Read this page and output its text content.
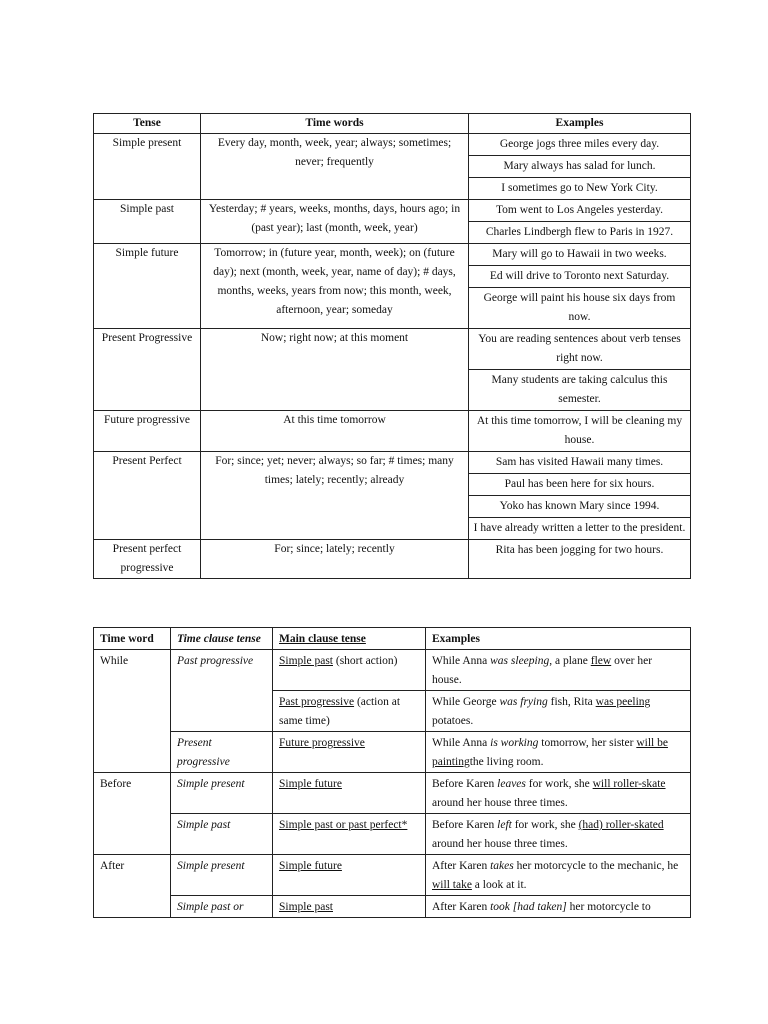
Tense	Time words	Examples
Simple present	Every day, month, week, year; always; sometimes; never; frequently	George jogs three miles every day.
		Mary always has salad for lunch.
		I sometimes go to New York City.
Simple past	Yesterday; # years, weeks, months, days, hours ago; in (past year); last (month, week, year)	Tom went to Los Angeles yesterday.
		Charles Lindbergh flew to Paris in 1927.
Simple future	Tomorrow; in (future year, month, week); on (future day); next (month, week, year, name of day); # days, months, weeks, years from now; this month, week, afternoon, year; someday	Mary will go to Hawaii in two weeks.
		Ed will drive to Toronto next Saturday.
		George will paint his house six days from now.
Present Progressive	Now; right now; at this moment	You are reading sentences about verb tenses right now.
		Many students are taking calculus this semester.
Future progressive	At this time tomorrow	At this time tomorrow, I will be cleaning my house.
Present Perfect	For; since; yet; never; always; so far; # times; many times; lately; recently; already	Sam has visited Hawaii many times.
		Paul has been here for six hours.
		Yoko has known Mary since 1994.
		I have already written a letter to the president.
Present perfect progressive	For; since; lately; recently	Rita has been jogging for two hours.
Time word	Time clause tense	Main clause tense	Examples
While	Past progressive	Simple past (short action)	While Anna was sleeping, a plane flew over her house.
		Past progressive (action at same time)	While George was frying fish, Rita was peeling potatoes.
	Present progressive	Future progressive	While Anna is working tomorrow, her sister will be paintingthe living room.
Before	Simple present	Simple future	Before Karen leaves for work, she will roller-skate around her house three times.
	Simple past	Simple past or past perfect*	Before Karen left for work, she (had) roller-skated around her house three times.
After	Simple present	Simple future	After Karen takes her motorcycle to the mechanic, he will take a look at it.
	Simple past or	Simple past	After Karen took [had taken] her motorcycle to
